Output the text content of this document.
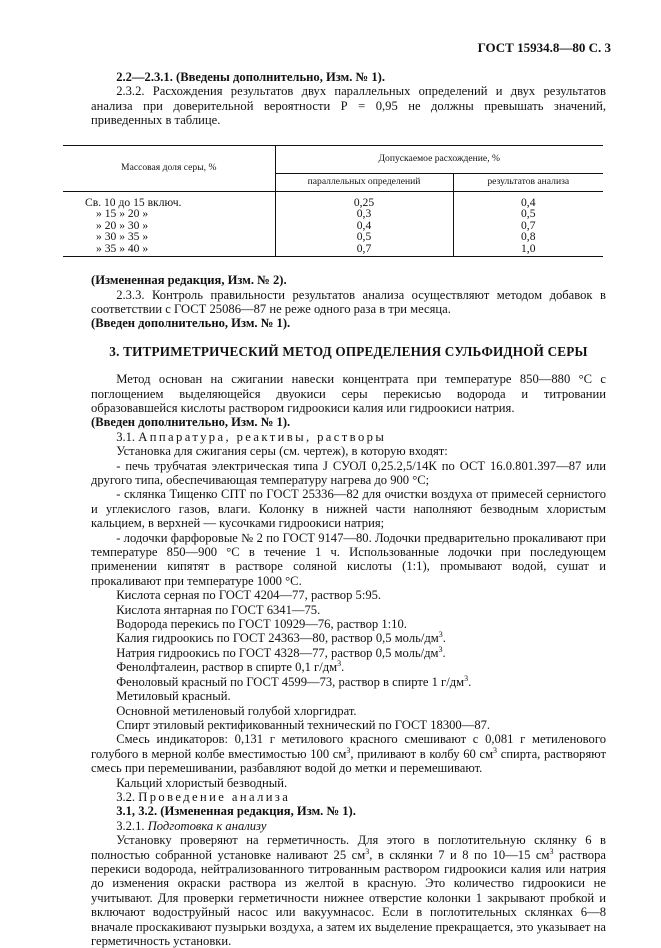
ГОСТ 15934.8—80 С. 3

2.2—2.3.1. (Введены дополнительно, Изм. № 1).

2.3.2. Расхождения результатов двух параллельных определений и двух результатов анализа при доверительной вероятности Р = 0,95 не должны превышать значений, приведенных в таблице.

Массовая доля серы, %	Допускаемое расхождение, %	
	параллельных определений	результатов анализа
Св. 10 до 15 включ.	0,25	0,4
» 15 » 20 »	0,3	0,5
» 20 » 30 »	0,4	0,7
» 30 » 35 »	0,5	0,8
» 35 » 40 »	0,7	1,0

(Измененная редакция, Изм. № 2).

2.3.3. Контроль правильности результатов анализа осуществляют методом добавок в соответствии с ГОСТ 25086—87 не реже одного раза в три месяца.

(Введен дополнительно, Изм. № 1).

3. ТИТРИМЕТРИЧЕСКИЙ МЕТОД ОПРЕДЕЛЕНИЯ СУЛЬФИДНОЙ СЕРЫ

Метод основан на сжигании навески концентрата при температуре 850—880 °С с поглощением выделяющейся двуокиси серы перекисью водорода и титровании образовавшейся кислоты раствором гидроокиси калия или гидроокиси натрия.

(Введен дополнительно, Изм. № 1).

3.1. Аппаратура, реактивы, растворы

Установка для сжигания серы (см. чертеж), в которую входят:

- печь трубчатая электрическая типа J СУОЛ 0,25.2,5/14К по ОСТ 16.0.801.397—87 или другого типа, обеспечивающая температуру нагрева до 900 °С;

- склянка Тищенко СПТ по ГОСТ 25336—82 для очистки воздуха от примесей сернистого и углекислого газов, влаги. Колонку в нижней части наполняют безводным хлористым кальцием, в верхней — кусочками гидроокиси натрия;

- лодочки фарфоровые № 2 по ГОСТ 9147—80. Лодочки предварительно прокаливают при температуре 850—900 °С в течение 1 ч. Использованные лодочки при последующем применении кипятят в растворе соляной кислоты (1:1), промывают водой, сушат и прокаливают при температуре 1000 °С.

Кислота серная по ГОСТ 4204—77, раствор 5:95.

Кислота янтарная по ГОСТ 6341—75.

Водорода перекись по ГОСТ 10929—76, раствор 1:10.

Калия гидроокись по ГОСТ 24363—80, раствор 0,5 моль/$дм^3$.

Натрия гидроокись по ГОСТ 4328—77, раствор 0,5 моль/$дм^3$.

Фенолфталеин, раствор в спирте 0,1 $г/дм^3$.

Феноловый красный по ГОСТ 4599—73, раствор в спирте 1 $г/дм^3$.

Метиловый красный.

Основной метиленовый голубой хлоргидрат.

Спирт этиловый ректификованный технический по ГОСТ 18300—87.

Смесь индикаторов: 0,131 г метилового красного смешивают с 0,081 г метиленового голубого в мерной колбе вместимостью 100 $см^3$, приливают в колбу 60 $см^3$ спирта, растворяют смесь при перемешивании, разбавляют водой до метки и перемешивают.

Кальций хлористый безводный.

3.2. Проведение анализа

3.1, 3.2. (Измененная редакция, Изм. № 1).

3.2.1. Подготовка к анализу

Установку проверяют на герметичность. Для этого в поглотительную склянку 6 в полностью собранной установке наливают 25 $см^3$, в склянки 7 и 8 по 10—15 $см^3$ раствора перекиси водорода, нейтрализованного титрованным раствором гидроокиси калия или натрия до изменения окраски раствора из желтой в красную. Это количество гидроокиси не учитывают. Для проверки герметичности нижнее отверстие колонки 1 закрывают пробкой и включают водоструйный насос или вакуумнасос. Если в поглотительных склянках 6—8 вначале проскакивают пузырьки воздуха, а затем их выделение прекращается, это указывает на герметичность установки.
